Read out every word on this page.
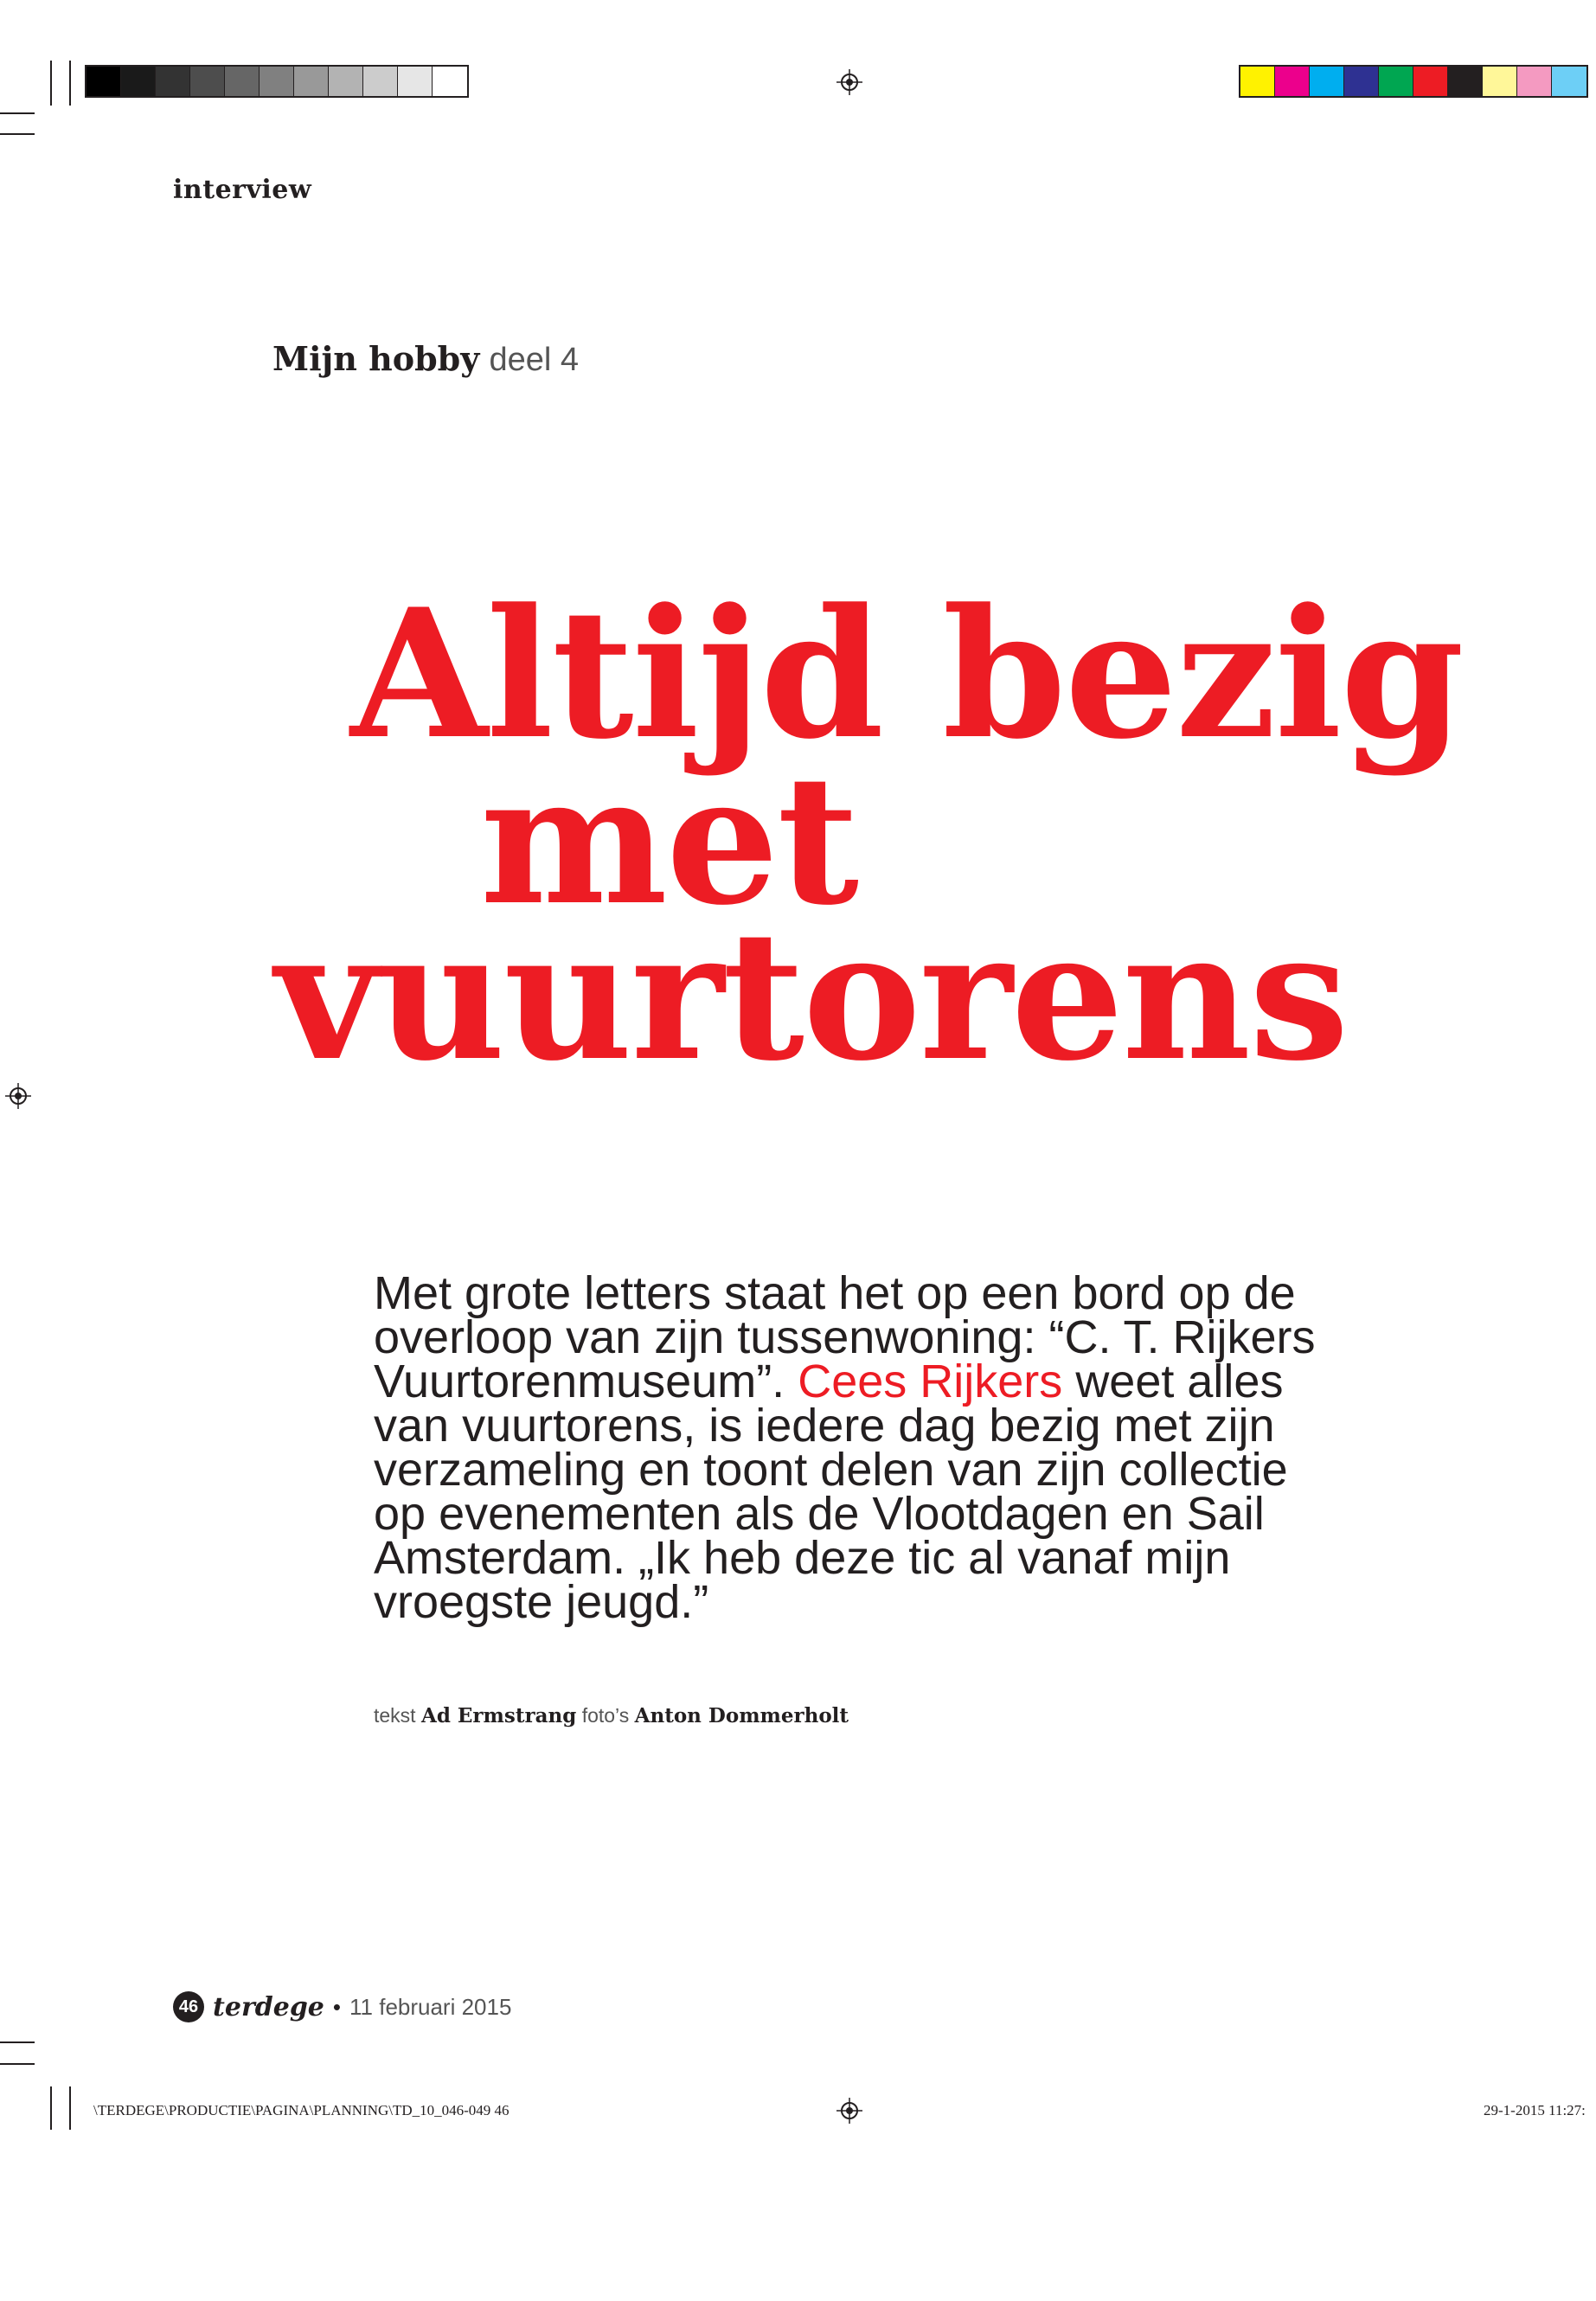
interview
Mijn hobby deel 4
Altijd bezig
met
vuurtorens
Met grote letters staat het op een bord op de overloop van zijn tussenwoning: “C. T. Rijkers Vuurtorenmuseum”. Cees Rijkers weet alles van vuurtorens, is iedere dag bezig met zijn verzameling en toont delen van zijn collectie op evenementen als de Vlootdagen en Sail Amsterdam. „Ik heb deze tic al vanaf mijn vroegste jeugd.”
tekst Ad Ermstrang foto’s Anton Dommerholt
46 terdege • 11 februari 2015
\TERDEGE\PRODUCTIE\PAGINA\PLANNING\TD_10_046-049 46	29-1-2015 11:27:
